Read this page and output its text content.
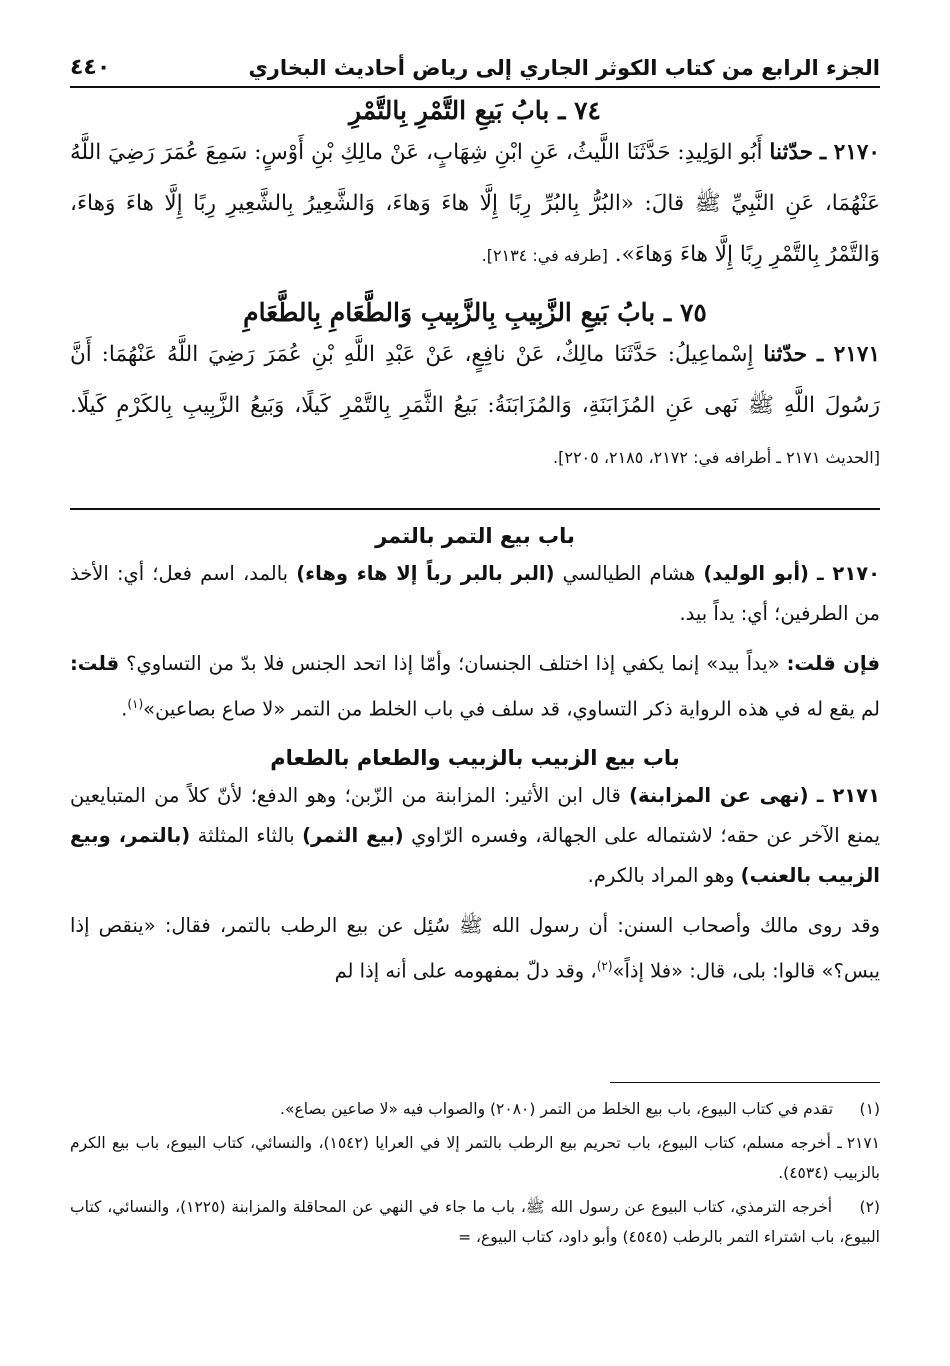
الجزء الرابع من كتاب الكوثر الجاري إلى رياض أحاديث البخاري
٤٤٠
٧٤ ـ بابُ بَيعِ التَّمْرِ بِالتَّمْرِ

٢١٧٠ ـ حدّثنا أَبُو الوَلِيدِ: حَدَّثَنَا اللَّيثُ، عَنِ ابْنِ شِهَابٍ، عَنْ مالِكِ بْنِ أَوْسٍ: سَمِعَ عُمَرَ رَضِيَ اللَّهُ عَنْهُمَا، عَنِ النَّبِيِّ ﷺ قالَ: «البُرُّ بِالبُرِّ رِبًا إِلَّا هاءَ وَهاءَ، وَالشَّعِيرُ بِالشَّعِيرِ رِبًا إِلَّا هاءَ وَهاءَ، وَالتَّمْرُ بِالتَّمْرِ رِبًا إِلَّا هاءَ وَهاءَ». [طرفه في: ٢١٣٤].

٧٥ ـ بابُ بَيعِ الزَّبِيبِ بِالزَّبِيبِ وَالطَّعَامِ بِالطَّعَامِ

٢١٧١ ـ حدّثنا إِسْماعِيلُ: حَدَّثَنَا مالِكٌ، عَنْ نافِعٍ، عَنْ عَبْدِ اللَّهِ بْنِ عُمَرَ رَضِيَ اللَّهُ عَنْهُمَا: أَنَّ رَسُولَ اللَّهِ ﷺ نَهى عَنِ المُزَابَنَةِ، وَالمُزَابَنَةُ: بَيعُ الثَّمَرِ بِالتَّمْرِ كَيلًا، وَبَيعُ الزَّبِيبِ بِالكَرْمِ كَيلًا. [الحديث ٢١٧١ ـ أطرافه في: ٢١٧٢، ٢١٨٥، ٢٢٠٥].

باب بيع التمر بالتمر

٢١٧٠ ـ (أبو الوليد) هشام الطيالسي (البر بالبر رباً إلا هاء وهاء) بالمد، اسم فعل؛ أي: الأخذ من الطرفين؛ أي: يداً بيد.

فإن قلت: «يداً بيد» إنما يكفي إذا اختلف الجنسان؛ وأمّا إذا اتحد الجنس فلا بدّ من التساوي؟ قلت: لم يقع له في هذه الرواية ذكر التساوي، قد سلف في باب الخلط من التمر «لا صاع بصاعين»$^{(١)}$.

باب بيع الزبيب بالزبيب والطعام بالطعام

٢١٧١ ـ (نهى عن المزابنة) قال ابن الأثير: المزابنة من الزّبن؛ وهو الدفع؛ لأنّ كلاً من المتبايعين يمنع الآخر عن حقه؛ لاشتماله على الجهالة، وفسره الرّاوي (بيع الثمر) بالثاء المثلثة (بالتمر، وبيع الزبيب بالعنب) وهو المراد بالكرم.

وقد روى مالك وأصحاب السنن: أن رسول الله ﷺ سُئِل عن بيع الرطب بالتمر، فقال: «ينقص إذا يبس؟» قالوا: بلى، قال: «فلا إذاً»$^{(٢)}$، وقد دلّ بمفهومه على أنه إذا لم

(١) تقدم في كتاب البيوع، باب بيع الخلط من التمر (٢٠٨٠) والصواب فيه «لا صاعين بصاع».

٢١٧١ ـ أخرجه مسلم، كتاب البيوع، باب تحريم بيع الرطب بالتمر إلا في العرايا (١٥٤٢)، والنسائي، كتاب البيوع، باب بيع الكرم بالزبيب (٤٥٣٤).

(٢) أخرجه الترمذي، كتاب البيوع عن رسول الله ﷺ، باب ما جاء في النهي عن المحاقلة والمزابنة (١٢٢٥)، والنسائي، كتاب البيوع، باب اشتراء التمر بالرطب (٤٥٤٥) وأبو داود، كتاب البيوع، =
